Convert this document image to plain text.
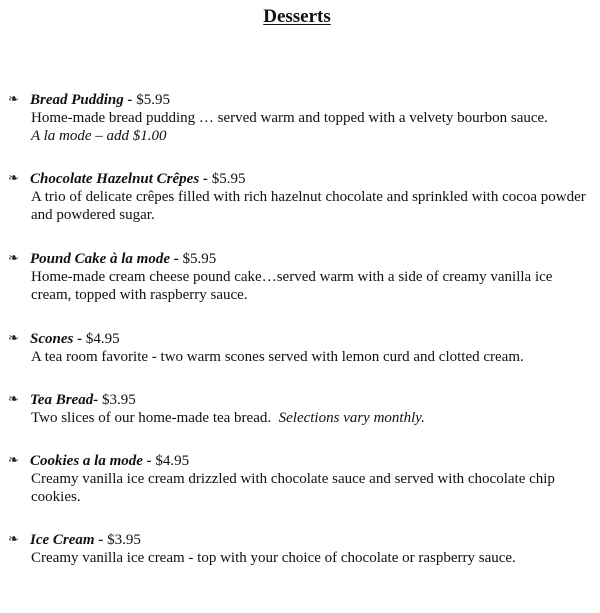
Desserts
❧ Bread Pudding - $5.95
Home-made bread pudding … served warm and topped with a velvety bourbon sauce.
A la mode – add $1.00
❧ Chocolate Hazelnut Crêpes - $5.95
A trio of delicate crêpes filled with rich hazelnut chocolate and sprinkled with cocoa powder and powdered sugar.
❧ Pound Cake à la mode - $5.95
Home-made cream cheese pound cake…served warm with a side of creamy vanilla ice cream, topped with raspberry sauce.
❧ Scones - $4.95
A tea room favorite - two warm scones served with lemon curd and clotted cream.
❧ Tea Bread- $3.95
Two slices of our home-made tea bread. Selections vary monthly.
❧ Cookies a la mode - $4.95
Creamy vanilla ice cream drizzled with chocolate sauce and served with chocolate chip cookies.
❧ Ice Cream - $3.95
Creamy vanilla ice cream - top with your choice of chocolate or raspberry sauce.
